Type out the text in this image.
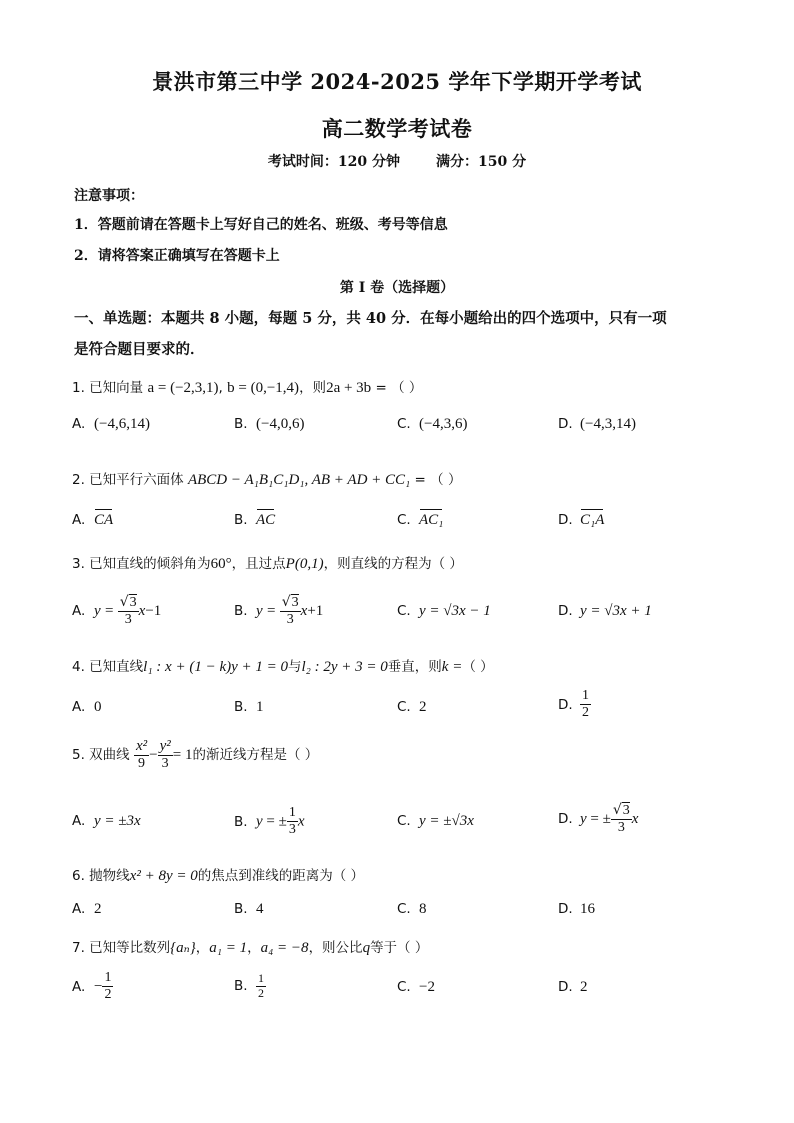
景洪市第三中学 2024-2025 学年下学期开学考试
高二数学考试卷
考试时间：120 分钟	满分：150 分
注意事项：
1．答题前请在答题卡上写好自己的姓名、班级、考号等信息
2．请将答案正确填写在答题卡上
第 I 卷（选择题）
一、单选题：本题共 8 小题，每题 5 分，共 40 分．在每小题给出的四个选项中，只有一项
是符合题目要求的．
1. 已知向量 a = (−2,3,1), b = (0,−1,4)，则2a + 3b = （ ）
A. (−4,6,14)	B. (−4,0,6)	C. (−4,3,6)	D. (−4,3,14)
2. 已知平行六面体 ABCD − A₁B₁C₁D₁, AB + AD + CC₁ = （ ）
A. CA	B. AC	C. AC₁	D. C₁A
3. 已知直线的倾斜角为60°，且过点P(0,1)，则直线的方程为（ ）
A. $y = \frac{√3}{3} x-1$	B. $y = \frac{√3}{3} x+1$	C. y = √3x − 1	D. y = √3x + 1
4. 已知直线l₁ : x + (1 − k)y + 1 = 0与l₂ : 2y + 3 = 0垂直，则k =（ ）
A. 0	B. 1	C. 2	D. $\frac{1}{2}$
5. 双曲线 $\frac{\text{x²}}{9} - \frac{\text{y²}}{3} = 1$的渐近线方程是（ ）
A. y = ±3x	B. y = ± $\frac{1}{3}$ x	C. y = ±√3x	D. y = ± $\frac{√3}{3}$ x
6. 抛物线x² + 8y = 0的焦点到准线的距离为（ ）
A. 2	B. 4	C. 8	D. 16
7. 已知等比数列{aₙ}，a₁ = 1，a₄ = −8，则公比q等于（ ）
A. − $\frac{1}{2}$	B. $\frac{1}{2}$	C. −2	D. 2
